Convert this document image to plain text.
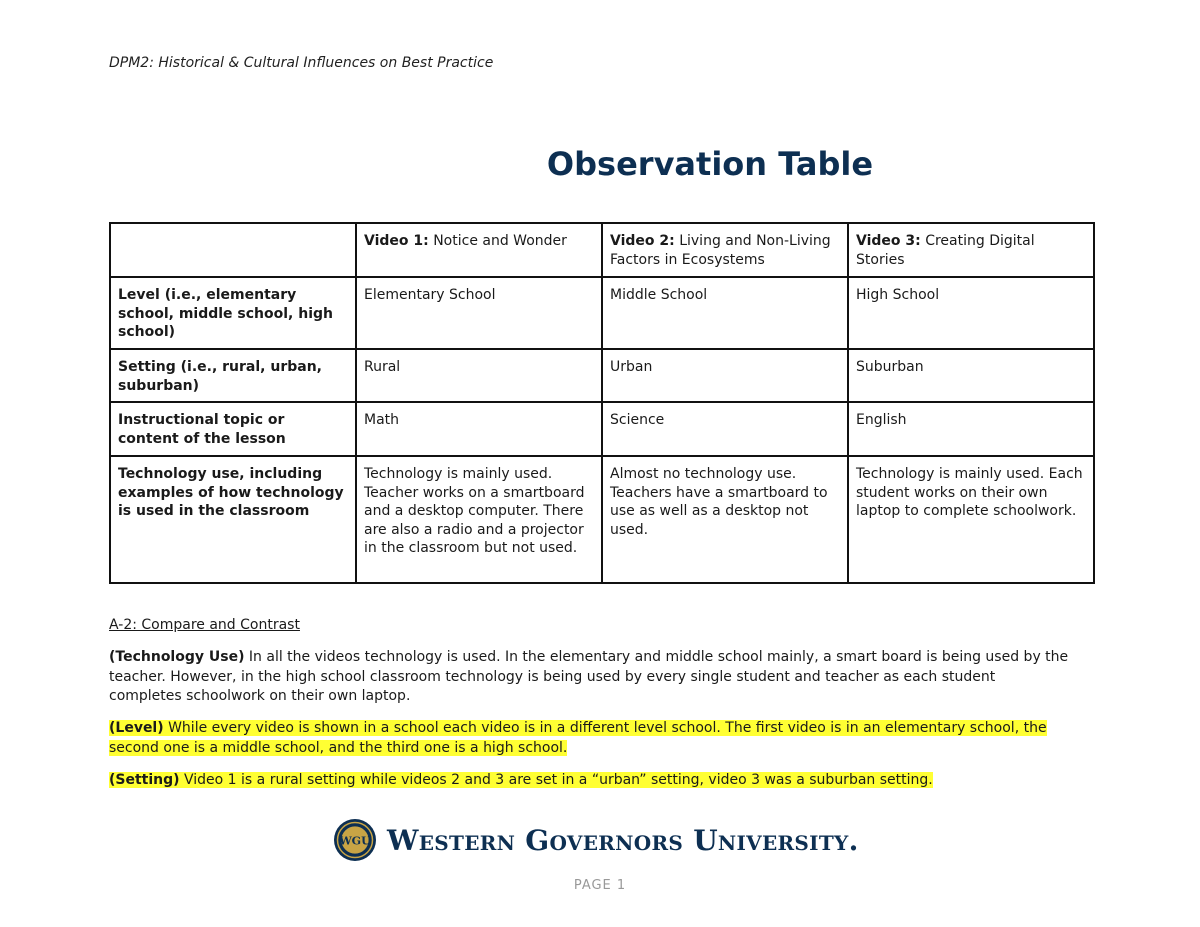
DPM2: Historical & Cultural Influences on Best Practice
Observation Table
	Video 1: Notice and Wonder	Video 2: Living and Non-Living Factors in Ecosystems	Video 3: Creating Digital Stories
Level (i.e., elementary school, middle school, high school)	Elementary School	Middle School	High School
Setting (i.e., rural, urban, suburban)	Rural	Urban	Suburban
Instructional topic or content of the lesson	Math	Science	English
Technology use, including examples of how technology is used in the classroom	Technology is mainly used. Teacher works on a smartboard and a desktop computer. There are also a radio and a projector in the classroom but not used.	Almost no technology use. Teachers have a smartboard to use as well as a desktop not used.	Technology is mainly used. Each student works on their own laptop to complete schoolwork.
A-2: Compare and Contrast
(Technology Use) In all the videos technology is used. In the elementary and middle school mainly, a smart board is being used by the teacher. However, in the high school classroom technology is being used by every single student and teacher as each student completes schoolwork on their own laptop.
(Level) While every video is shown in a school each video is in a different level school. The first video is in an elementary school, the second one is a middle school, and the third one is a high school.
(Setting) Video 1 is a rural setting while videos 2 and 3 are set in a “urban” setting, video 3 was a suburban setting.
WGU Western Governors University.
PAGE 1
